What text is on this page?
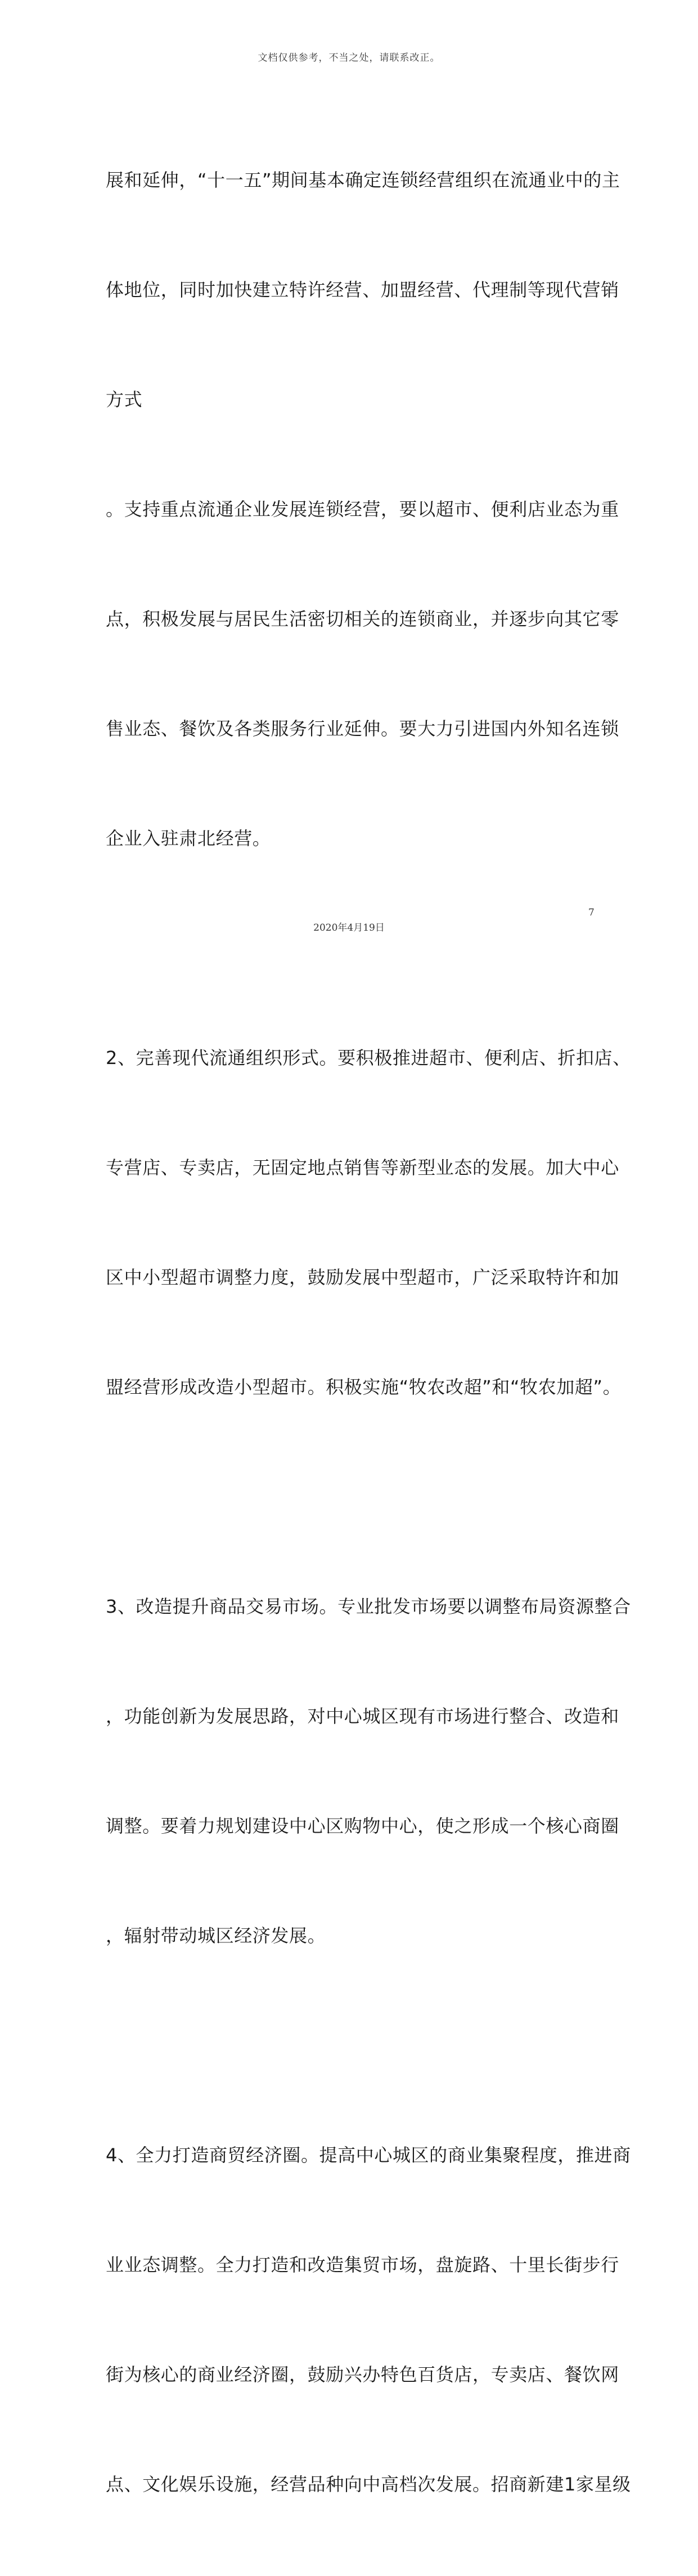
文档仅供参考，不当之处，请联系改正。

展和延伸，“十一五”期间基本确定连锁经营组织在流通业中的主

体地位，同时加快建立特许经营、加盟经营、代理制等现代营销

方式

。支持重点流通企业发展连锁经营，要以超市、便利店业态为重

点，积极发展与居民生活密切相关的连锁商业，并逐步向其它零

售业态、餐饮及各类服务行业延伸。要大力引进国内外知名连锁

企业入驻肃北经营。

2、完善现代流通组织形式。要积极推进超市、便利店、折扣店、

专营店、专卖店，无固定地点销售等新型业态的发展。加大中心

区中小型超市调整力度，鼓励发展中型超市，广泛采取特许和加

盟经营形成改造小型超市。积极实施“牧农改超”和“牧农加超”。

3、改造提升商品交易市场。专业批发市场要以调整布局资源整合

，功能创新为发展思路，对中心城区现有市场进行整合、改造和

调整。要着力规划建设中心区购物中心，使之形成一个核心商圈

，辐射带动城区经济发展。

4、全力打造商贸经济圈。提高中心城区的商业集聚程度，推进商

业业态调整。全力打造和改造集贸市场，盘旋路、十里长街步行

街为核心的商业经济圈，鼓励兴办特色百货店，专卖店、餐饮网

点、文化娱乐设施，经营品种向中高档次发展。招商新建1家星级

7
2020年4月19日
